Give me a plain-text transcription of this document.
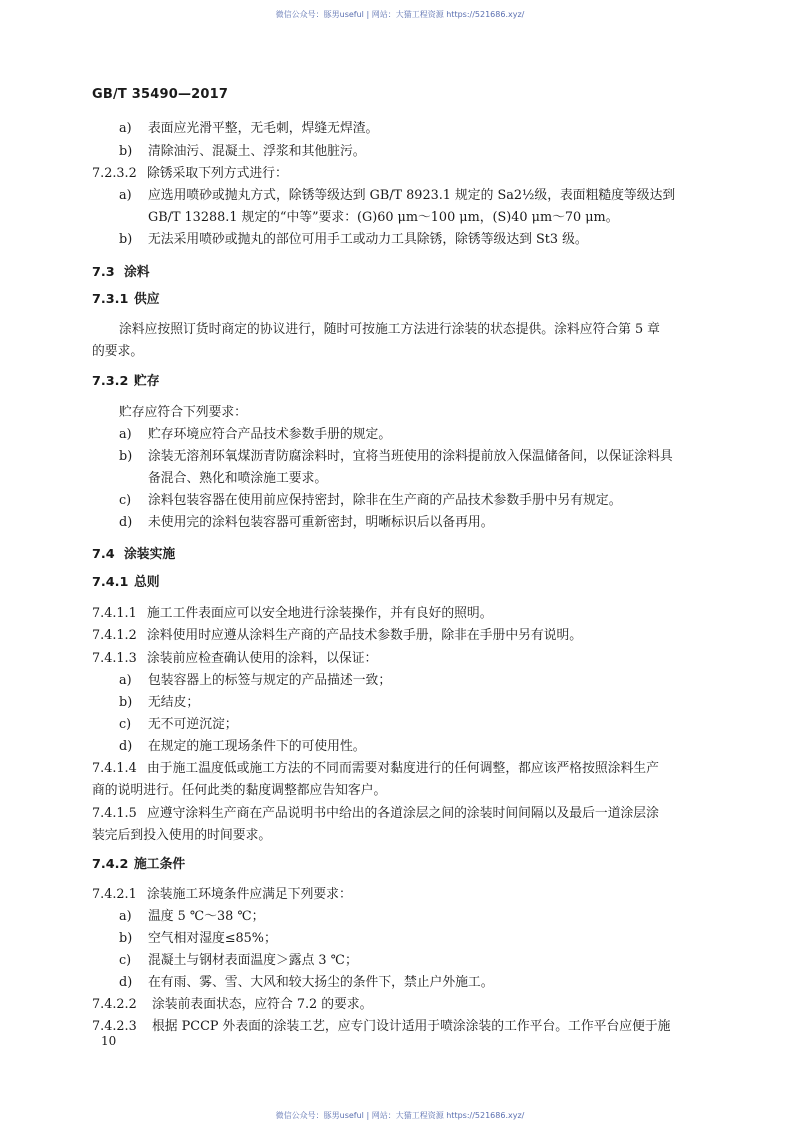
微信公众号：豚男useful | 网站：大猫工程资源 https://521686.xyz/
GB/T 35490—2017
a) 表面应光滑平整，无毛刺，焊缝无焊渣。
b) 清除油污、混凝土、浮浆和其他脏污。
7.2.3.2 除锈采取下列方式进行：
a) 应选用喷砂或抛丸方式，除锈等级达到 GB/T 8923.1 规定的 Sa2½级，表面粗糙度等级达到
GB/T 13288.1 规定的“中等”要求：(G)60 μm～100 μm，(S)40 μm～70 μm。
b) 无法采用喷砂或抛丸的部位可用手工或动力工具除锈，除锈等级达到 St3 级。
7.3 涂料
7.3.1 供应
涂料应按照订货时商定的协议进行，随时可按施工方法进行涂装的状态提供。涂料应符合第 5 章
的要求。
7.3.2 贮存
贮存应符合下列要求：
a) 贮存环境应符合产品技术参数手册的规定。
b) 涂装无溶剂环氧煤沥青防腐涂料时，宜将当班使用的涂料提前放入保温储备间，以保证涂料具
备混合、熟化和喷涂施工要求。
c) 涂料包装容器在使用前应保持密封，除非在生产商的产品技术参数手册中另有规定。
d) 未使用完的涂料包装容器可重新密封，明晰标识后以备再用。
7.4 涂装实施
7.4.1 总则
7.4.1.1 施工工件表面应可以安全地进行涂装操作，并有良好的照明。
7.4.1.2 涂料使用时应遵从涂料生产商的产品技术参数手册，除非在手册中另有说明。
7.4.1.3 涂装前应检查确认使用的涂料，以保证：
a) 包装容器上的标签与规定的产品描述一致；
b) 无结皮；
c) 无不可逆沉淀；
d) 在规定的施工现场条件下的可使用性。
7.4.1.4 由于施工温度低或施工方法的不同而需要对黏度进行的任何调整，都应该严格按照涂料生产
商的说明进行。任何此类的黏度调整都应告知客户。
7.4.1.5 应遵守涂料生产商在产品说明书中给出的各道涂层之间的涂装时间间隔以及最后一道涂层涂
装完后到投入使用的时间要求。
7.4.2 施工条件
7.4.2.1 涂装施工环境条件应满足下列要求：
a) 温度 5 ℃～38 ℃；
b) 空气相对湿度≤85%；
c) 混凝土与钢材表面温度＞露点 3 ℃；
d) 在有雨、雾、雪、大风和较大扬尘的条件下，禁止户外施工。
7.4.2.2 涂装前表面状态，应符合 7.2 的要求。
7.4.2.3 根据 PCCP 外表面的涂装工艺，应专门设计适用于喷涂涂装的工作平台。工作平台应便于施
10
微信公众号：豚男useful | 网站：大猫工程资源 https://521686.xyz/
